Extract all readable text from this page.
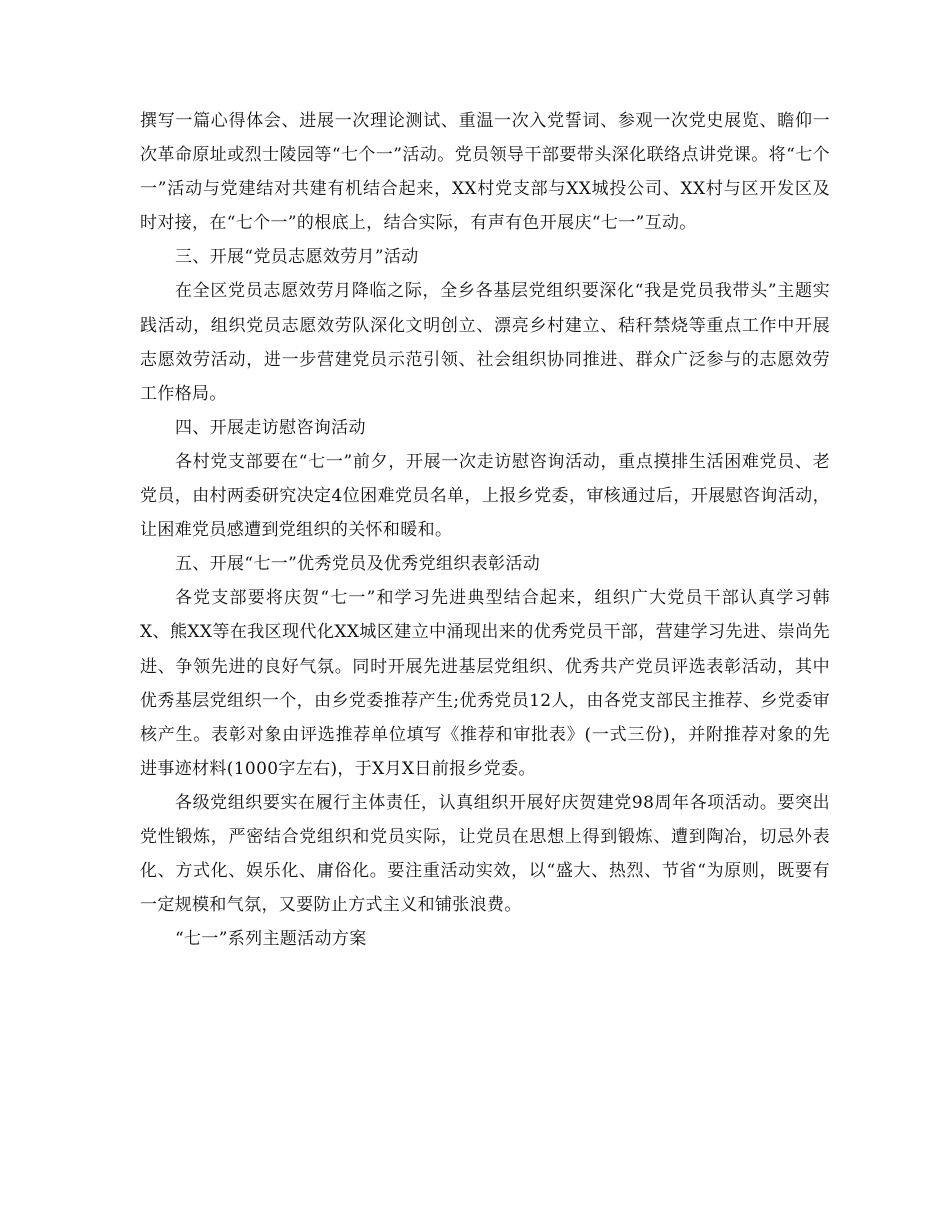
撰写一篇心得体会、进展一次理论测试、重温一次入党誓词、参观一次党史展览、瞻仰一次革命原址或烈士陵园等“七个一”活动。党员领导干部要带头深化联络点讲党课。将“七个一”活动与党建结对共建有机结合起来，XX村党支部与XX城投公司、XX村与区开发区及时对接，在“七个一”的根底上，结合实际，有声有色开展庆“七一”互动。

三、开展“党员志愿效劳月”活动

在全区党员志愿效劳月降临之际，全乡各基层党组织要深化“我是党员我带头”主题实践活动，组织党员志愿效劳队深化文明创立、漂亮乡村建立、秸秆禁烧等重点工作中开展志愿效劳活动，进一步营建党员示范引领、社会组织协同推进、群众广泛参与的志愿效劳工作格局。

四、开展走访慰咨询活动

各村党支部要在“七一”前夕，开展一次走访慰咨询活动，重点摸排生活困难党员、老党员，由村两委研究决定4位困难党员名单，上报乡党委，审核通过后，开展慰咨询活动，让困难党员感遭到党组织的关怀和暖和。

五、开展“七一”优秀党员及优秀党组织表彰活动

各党支部要将庆贺“七一”和学习先进典型结合起来，组织广大党员干部认真学习韩X、熊XX等在我区现代化XX城区建立中涌现出来的优秀党员干部，营建学习先进、崇尚先进、争领先进的良好气氛。同时开展先进基层党组织、优秀共产党员评选表彰活动，其中优秀基层党组织一个，由乡党委推荐产生;优秀党员12人，由各党支部民主推荐、乡党委审核产生。表彰对象由评选推荐单位填写《推荐和审批表》(一式三份)，并附推荐对象的先进事迹材料(1000字左右)，于X月X日前报乡党委。

各级党组织要实在履行主体责任，认真组织开展好庆贺建党98周年各项活动。要突出党性锻炼，严密结合党组织和党员实际，让党员在思想上得到锻炼、遭到陶冶，切忌外表化、方式化、娱乐化、庸俗化。要注重活动实效，以“盛大、热烈、节省“为原则，既要有一定规模和气氛，又要防止方式主义和铺张浪费。

“七一”系列主题活动方案
